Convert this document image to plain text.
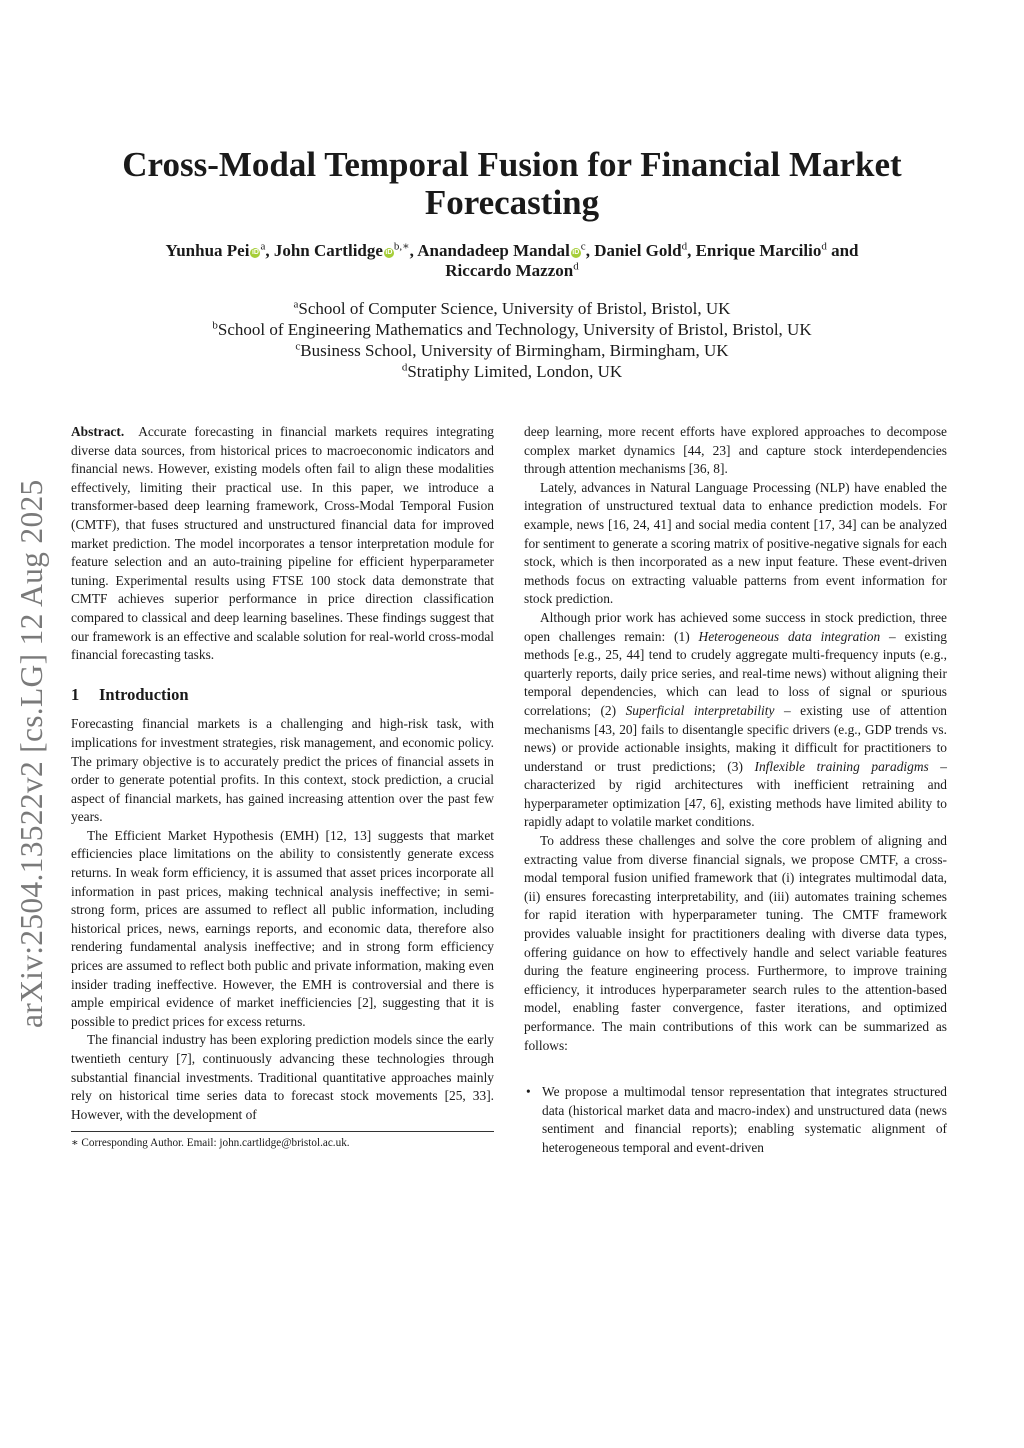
Cross-Modal Temporal Fusion for Financial Market Forecasting
Yunhua Pei $iD^a$, John Cartlidge $iD^{b,∗}$, Anandadeep Mandal $iD^c$, Daniel Gold$^d$, Enrique Marcilio$^d$ and
Riccardo Mazzon$^d$
$^a$School of Computer Science, University of Bristol, Bristol, UK
$^b$School of Engineering Mathematics and Technology, University of Bristol, Bristol, UK
$^c$Business School, University of Birmingham, Birmingham, UK
$^d$Stratiphy Limited, London, UK
arXiv:2504.13522v2 [cs.LG] 12 Aug 2025

Abstract. Accurate forecasting in financial markets requires integrating diverse data sources, from historical prices to macroeconomic indicators and financial news. However, existing models often fail to align these modalities effectively, limiting their practical use. In this paper, we introduce a transformer-based deep learning framework, Cross-Modal Temporal Fusion (CMTF), that fuses structured and unstructured financial data for improved market prediction. The model incorporates a tensor interpretation module for feature selection and an auto-training pipeline for efficient hyperparameter tuning. Experimental results using FTSE 100 stock data demonstrate that CMTF achieves superior performance in price direction classification compared to classical and deep learning baselines. These findings suggest that our framework is an effective and scalable solution for real-world cross-modal financial forecasting tasks.

1 Introduction

Forecasting financial markets is a challenging and high-risk task, with implications for investment strategies, risk management, and economic policy. The primary objective is to accurately predict the prices of financial assets in order to generate potential profits. In this context, stock prediction, a crucial aspect of financial markets, has gained increasing attention over the past few years.

The Efficient Market Hypothesis (EMH) [12, 13] suggests that market efficiencies place limitations on the ability to consistently generate excess returns. In weak form efficiency, it is assumed that asset prices incorporate all information in past prices, making technical analysis ineffective; in semi-strong form, prices are assumed to reflect all public information, including historical prices, news, earnings reports, and economic data, therefore also rendering fundamental analysis ineffective; and in strong form efficiency prices are assumed to reflect both public and private information, making even insider trading ineffective. However, the EMH is controversial and there is ample empirical evidence of market inefficiencies [2], suggesting that it is possible to predict prices for excess returns.

The financial industry has been exploring prediction models since the early twentieth century [7], continuously advancing these technologies through substantial financial investments. Traditional quantitative approaches mainly rely on historical time series data to forecast stock movements [25, 33]. However, with the development of

∗ Corresponding Author. Email: john.cartlidge@bristol.ac.uk.

deep learning, more recent efforts have explored approaches to decompose complex market dynamics [44, 23] and capture stock interdependencies through attention mechanisms [36, 8].

Lately, advances in Natural Language Processing (NLP) have enabled the integration of unstructured textual data to enhance prediction models. For example, news [16, 24, 41] and social media content [17, 34] can be analyzed for sentiment to generate a scoring matrix of positive-negative signals for each stock, which is then incorporated as a new input feature. These event-driven methods focus on extracting valuable patterns from event information for stock prediction.

Although prior work has achieved some success in stock prediction, three open challenges remain: (1) Heterogeneous data integration – existing methods [e.g., 25, 44] tend to crudely aggregate multi-frequency inputs (e.g., quarterly reports, daily price series, and real-time news) without aligning their temporal dependencies, which can lead to loss of signal or spurious correlations; (2) Superficial interpretability – existing use of attention mechanisms [43, 20] fails to disentangle specific drivers (e.g., GDP trends vs. news) or provide actionable insights, making it difficult for practitioners to understand or trust predictions; (3) Inflexible training paradigms – characterized by rigid architectures with inefficient retraining and hyperparameter optimization [47, 6], existing methods have limited ability to rapidly adapt to volatile market conditions.

To address these challenges and solve the core problem of aligning and extracting value from diverse financial signals, we propose CMTF, a cross-modal temporal fusion unified framework that (i) integrates multimodal data, (ii) ensures forecasting interpretability, and (iii) automates training schemes for rapid iteration with hyperparameter tuning. The CMTF framework provides valuable insight for practitioners dealing with diverse data types, offering guidance on how to effectively handle and select variable features during the feature engineering process. Furthermore, to improve training efficiency, it introduces hyperparameter search rules to the attention-based model, enabling faster convergence, faster iterations, and optimized performance. The main contributions of this work can be summarized as follows:

• We propose a multimodal tensor representation that integrates structured data (historical market data and macro-index) and unstructured data (news sentiment and financial reports); enabling systematic alignment of heterogeneous temporal and event-driven
